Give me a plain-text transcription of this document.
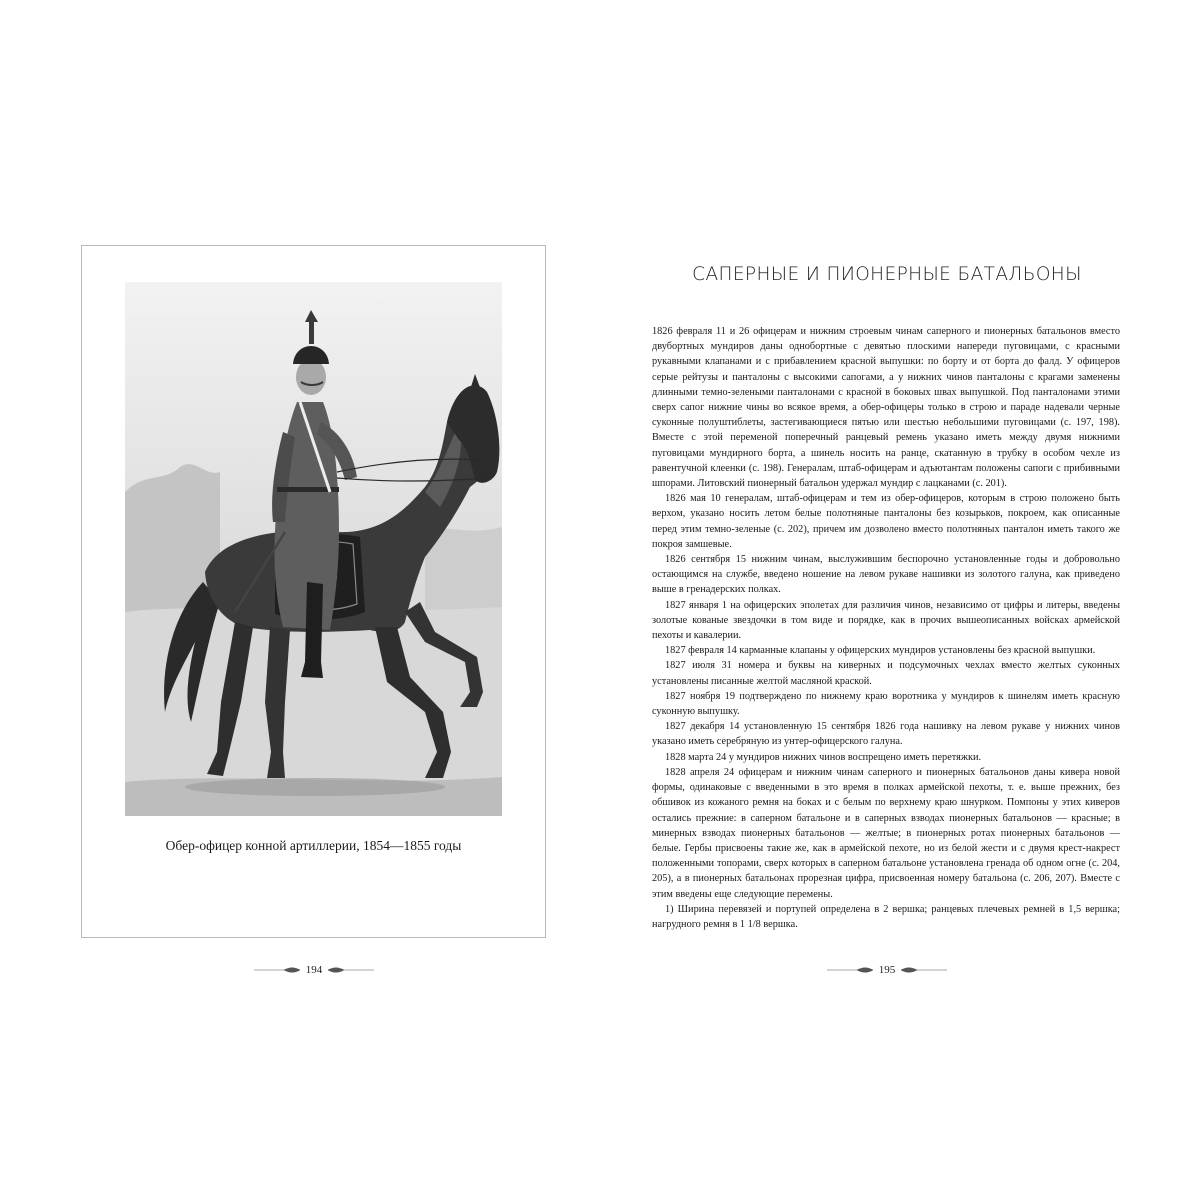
Обер-офицер конной артиллерии, 1854—1855 годы
194
САПЕРНЫЕ И ПИОНЕРНЫЕ БАТАЛЬОНЫ

1826 февраля 11 и 26 офицерам и нижним строевым чинам саперного и пионерных батальонов вместо двубортных мундиров даны однобортные с девятью плоскими напереди пуговицами, с красными рукавными клапанами и с прибавлением красной выпушки: по борту и от борта до фалд. У офицеров серые рейтузы и панталоны с высокими сапогами, а у нижних чинов панталоны с крагами заменены длинными темно-зелеными панталонами с красной в боковых швах выпушкой. Под панталонами этими сверх сапог нижние чины во всякое время, а обер-офицеры только в строю и параде надевали черные суконные полуштиблеты, застегивающиеся пятью или шестью небольшими пуговицами (с. 197, 198). Вместе с этой переменой поперечный ранцевый ремень указано иметь между двумя нижними пуговицами мундирного борта, а шинель носить на ранце, скатанную в трубку в особом чехле из равентучной клеенки (с. 198). Генералам, штаб-офицерам и адъютантам положены сапоги с прибивными шпорами. Литовский пионерный батальон удержал мундир с лацканами (с. 201).

1826 мая 10 генералам, штаб-офицерам и тем из обер-офицеров, которым в строю положено быть верхом, указано носить летом белые полотняные панталоны без козырьков, покроем, как описанные перед этим темно-зеленые (с. 202), причем им дозволено вместо полотняных панталон иметь такого же покроя замшевые.

1826 сентября 15 нижним чинам, выслужившим беспорочно установленные годы и добровольно остающимся на службе, введено ношение на левом рукаве нашивки из золотого галуна, как приведено выше в гренадерских полках.

1827 января 1 на офицерских эполетах для различия чинов, независимо от цифры и литеры, введены золотые кованые звездочки в том виде и порядке, как в прочих вышеописанных войсках армейской пехоты и кавалерии.

1827 февраля 14 карманные клапаны у офицерских мундиров установлены без красной выпушки.

1827 июля 31 номера и буквы на киверных и подсумочных чехлах вместо желтых суконных установлены писанные желтой масляной краской.

1827 ноября 19 подтверждено по нижнему краю воротника у мундиров к шинелям иметь красную суконную выпушку.

1827 декабря 14 установленную 15 сентября 1826 года нашивку на левом рукаве у нижних чинов указано иметь серебряную из унтер-офицерского галуна.

1828 марта 24 у мундиров нижних чинов воспрещено иметь перетяжки.

1828 апреля 24 офицерам и нижним чинам саперного и пионерных батальонов даны кивера новой формы, одинаковые с введенными в это время в полках армейской пехоты, т. е. выше прежних, без обшивок из кожаного ремня на боках и с белым по верхнему краю шнурком. Помпоны у этих киверов остались прежние: в саперном батальоне и в саперных взводах пионерных батальонов — красные; в минерных взводах пионерных батальонов — желтые; в пионерных ротах пионерных батальонов — белые. Гербы присвоены такие же, как в армейской пехоте, но из белой жести и с двумя крест-накрест положенными топорами, сверх которых в саперном батальоне установлена гренада об одном огне (с. 204, 205), а в пионерных батальонах прорезная цифра, присвоенная номеру батальона (с. 206, 207). Вместе с этим введены еще следующие перемены.

1) Ширина перевязей и портупей определена в 2 вершка; ранцевых плечевых ремней в 1,5 вершка; нагрудного ремня в 1 1/8 вершка.

195
